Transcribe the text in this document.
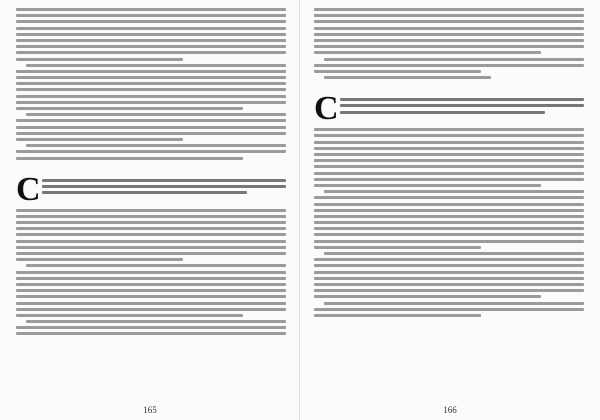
С
165
С
166
